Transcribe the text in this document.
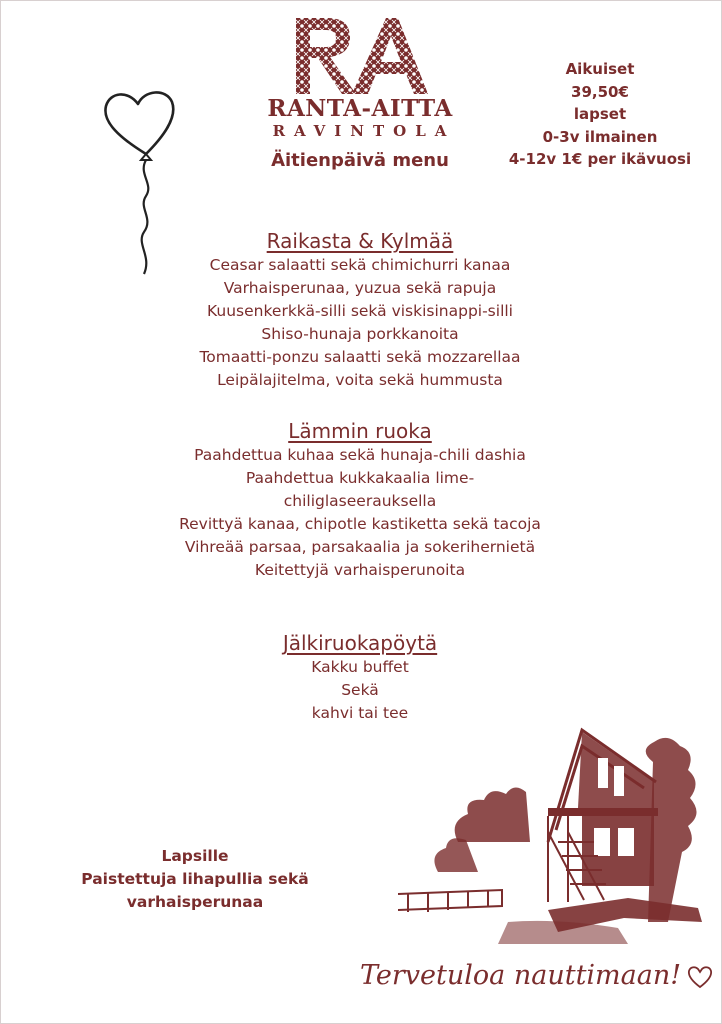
RANTA-AITTA
RAVINTOLA
Äitienpäivä menu
Aikuiset
39,50€
lapset
0-3v ilmainen
4-12v 1€ per ikävuosi
Raikasta & Kylmää
Ceasar salaatti sekä chimichurri kanaa
Varhaisperunaa, yuzua sekä rapuja
Kuusenkerkkä-silli sekä viskisinappi-silli
Shiso-hunaja porkkanoita
Tomaatti-ponzu salaatti sekä mozzarellaa
Leipälajitelma, voita sekä hummusta
Lämmin ruoka
Paahdettua kuhaa sekä hunaja-chili dashia
Paahdettua kukkakaalia lime-
chiliglaseerauksella
Revittyä kanaa, chipotle kastiketta sekä tacoja
Vihreää parsaa, parsakaalia ja sokerihernietä
Keitettyjä varhaisperunoita
Jälkiruokapöytä
Kakku buffet
Sekä
kahvi tai tee
Lapsille
Paistettuja lihapullia sekä
varhaisperunaa
Tervetuloa nauttimaan!
